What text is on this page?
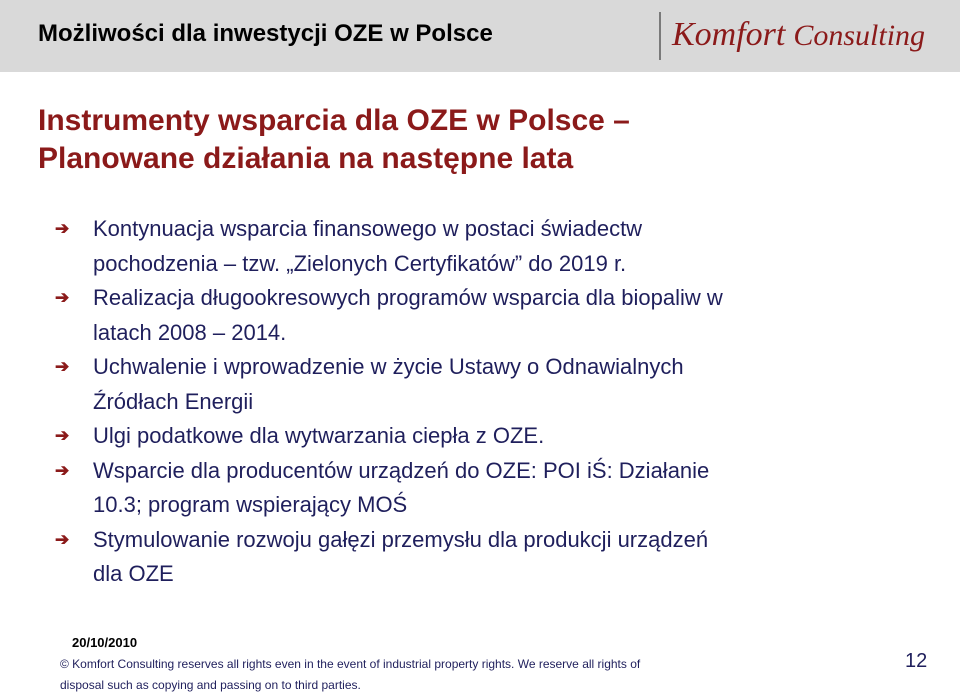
Możliwości dla inwestycji OZE w Polsce	Komfort Consulting
Instrumenty wsparcia dla OZE w Polsce –
Planowane działania na następne lata
➔ Kontynuacja wsparcia finansowego w postaci świadectw
pochodzenia – tzw. „Zielonych Certyfikatów” do 2019 r.
➔ Realizacja długookresowych programów wsparcia dla biopaliw w
latach 2008 – 2014.
➔ Uchwalenie i wprowadzenie w życie Ustawy o Odnawialnych
Źródłach Energii
➔ Ulgi podatkowe dla wytwarzania ciepła z OZE.
➔ Wsparcie dla producentów urządzeń do OZE: POI iŚ: Działanie
10.3; program wspierający MOŚ
➔ Stymulowanie rozwoju gałęzi przemysłu dla produkcji urządzeń
dla OZE
20/10/2010
© Komfort Consulting reserves all rights even in the event of industrial property rights. We reserve all rights of
disposal such as copying and passing on to third parties.
12
